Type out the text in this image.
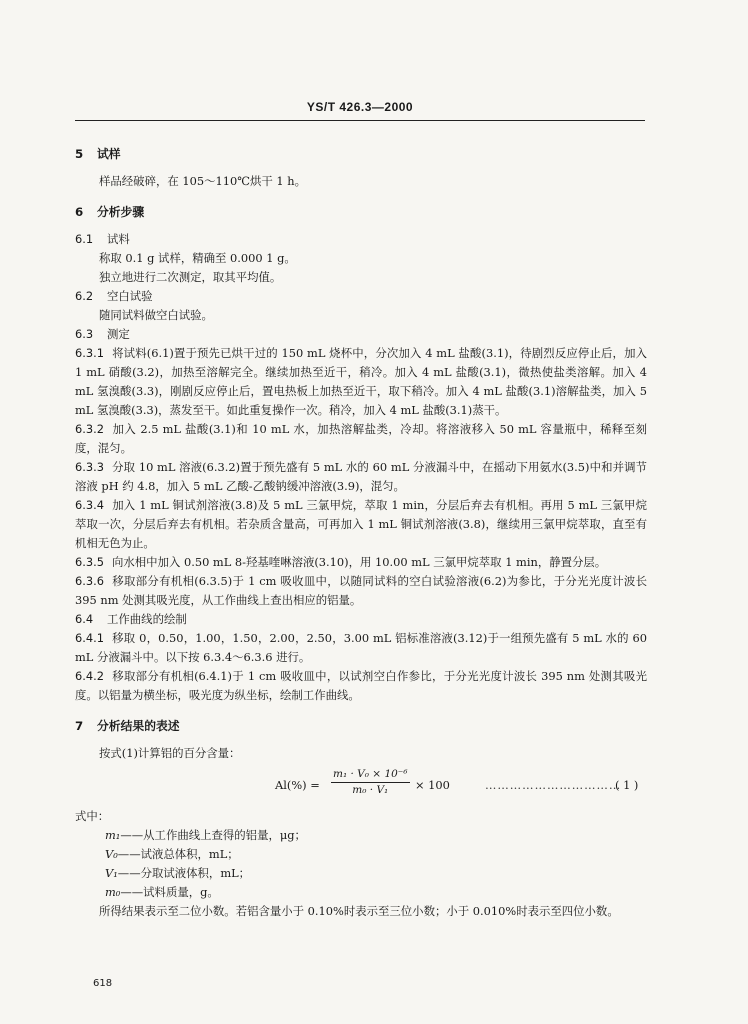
YS/T 426.3—2000

5 试样

样品经破碎，在 105～110℃烘干 1 h。

6 分析步骤

6.1 试料

称取 0.1 g 试样，精确至 0.000 1 g。

独立地进行二次测定，取其平均值。

6.2 空白试验

随同试料做空白试验。

6.3 测定

6.3.1 将试料(6.1)置于预先已烘干过的 150 mL 烧杯中，分次加入 4 mL 盐酸(3.1)，待剧烈反应停止后，加入 1 mL 硝酸(3.2)，加热至溶解完全。继续加热至近干，稍冷。加入 4 mL 盐酸(3.1)，微热使盐类溶解。加入 4 mL 氢溴酸(3.3)，刚剧反应停止后，置电热板上加热至近干，取下稍冷。加入 4 mL 盐酸(3.1)溶解盐类，加入 5 mL 氢溴酸(3.3)，蒸发至干。如此重复操作一次。稍冷，加入 4 mL 盐酸(3.1)蒸干。

6.3.2 加入 2.5 mL 盐酸(3.1)和 10 mL 水，加热溶解盐类，冷却。将溶液移入 50 mL 容量瓶中，稀释至刻度，混匀。

6.3.3 分取 10 mL 溶液(6.3.2)置于预先盛有 5 mL 水的 60 mL 分液漏斗中，在摇动下用氨水(3.5)中和并调节溶液 pH 约 4.8，加入 5 mL 乙酸-乙酸钠缓冲溶液(3.9)，混匀。

6.3.4 加入 1 mL 铜试剂溶液(3.8)及 5 mL 三氯甲烷，萃取 1 min，分层后弃去有机相。再用 5 mL 三氯甲烷萃取一次，分层后弃去有机相。若杂质含量高，可再加入 1 mL 铜试剂溶液(3.8)，继续用三氯甲烷萃取，直至有机相无色为止。

6.3.5 向水相中加入 0.50 mL 8-羟基喹啉溶液(3.10)，用 10.00 mL 三氯甲烷萃取 1 min，静置分层。

6.3.6 移取部分有机相(6.3.5)于 1 cm 吸收皿中，以随同试料的空白试验溶液(6.2)为参比，于分光光度计波长 395 nm 处测其吸光度，从工作曲线上查出相应的铝量。

6.4 工作曲线的绘制

6.4.1 移取 0，0.50，1.00，1.50，2.00，2.50，3.00 mL 铝标准溶液(3.12)于一组预先盛有 5 mL 水的 60 mL 分液漏斗中。以下按 6.3.4～6.3.6 进行。

6.4.2 移取部分有机相(6.4.1)于 1 cm 吸收皿中，以试剂空白作参比，于分光光度计波长 395 nm 处测其吸光度。以铝量为横坐标，吸光度为纵坐标，绘制工作曲线。

7 分析结果的表述

按式(1)计算铝的百分含量：

$Al(\%) = \frac{\text{m₁ · V₀ × 10⁻⁶}}{\text{m₀ · V₁}} \times 100$	……………………………
( 1 )

式中：

m₁——从工作曲线上查得的铝量，μg；

V₀——试液总体积，mL；

V₁——分取试液体积，mL；

m₀——试料质量，g。

所得结果表示至二位小数。若铝含量小于 0.10%时表示至三位小数；小于 0.010%时表示至四位小数。

618
